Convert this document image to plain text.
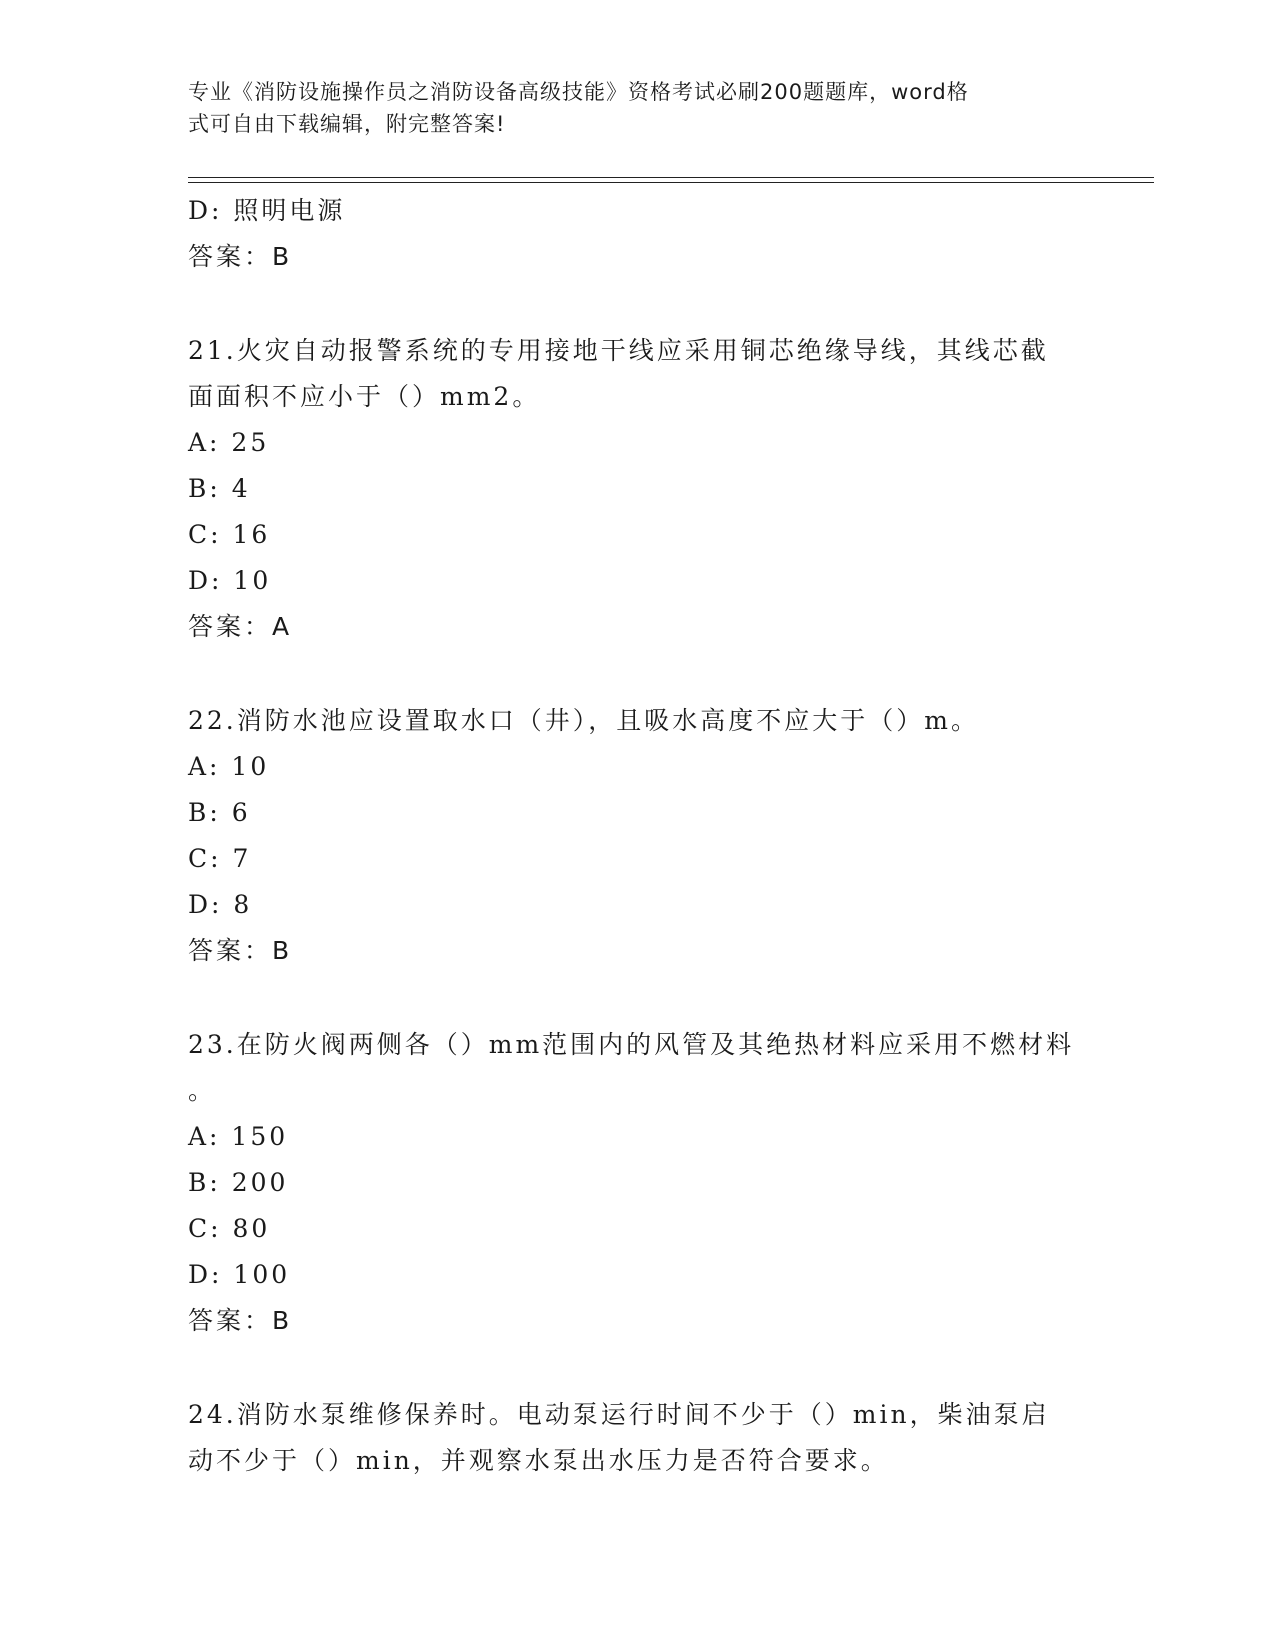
专业《消防设施操作员之消防设备高级技能》资格考试必刷200题题库，word格
式可自由下载编辑，附完整答案!
D: 照明电源
答案：B
21.火灾自动报警系统的专用接地干线应采用铜芯绝缘导线，其线芯截
面面积不应小于（）mm2。
A: 25
B: 4
C: 16
D: 10
答案：A
22.消防水池应设置取水口（井），且吸水高度不应大于（）m。
A: 10
B: 6
C: 7
D: 8
答案：B
23.在防火阀两侧各（）mm范围内的风管及其绝热材料应采用不燃材料
。
A: 150
B: 200
C: 80
D: 100
答案：B
24.消防水泵维修保养时。电动泵运行时间不少于（）min，柴油泵启
动不少于（）min，并观察水泵出水压力是否符合要求。
